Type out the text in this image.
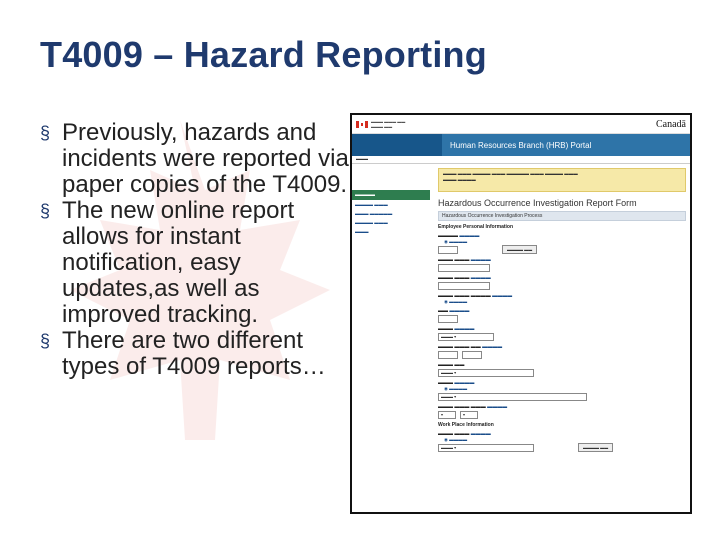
T4009 – Hazard Reporting
§ Previously, hazards and incidents were reported via paper copies of the T4009.
§ The new online report allows for instant notification, easy updates,as well as improved tracking.
§ There are two different types of T4009 reports…
▬▬▬ ▬▬▬ ▬▬
▬▬▬ ▬▬	Canadā
Human Resources Branch (HRB) Portal
▬▬▬
▬▬▬▬
▬▬▬▬ ▬▬▬
▬▬▬ ▬▬▬▬▬
▬▬▬▬ ▬▬▬
▬▬▬
▬▬▬ ▬▬▬ ▬▬▬▬ ▬▬▬ ▬▬▬▬▬ ▬▬▬ ▬▬▬▬ ▬▬▬
▬▬▬ ▬▬▬▬
Hazardous Occurrence Investigation Report Form
Hazardous Occurrence Investigation Process
Employee Personal Information
▬▬▬▬ ▬▬▬▬
◉ ▬▬▬▬
▬▬▬▬ ▬▬
▬▬▬ ▬▬▬ ▬▬▬▬
▬▬▬ ▬▬▬ ▬▬▬▬
▬▬▬ ▬▬▬ ▬▬▬▬ ▬▬▬▬
◉ ▬▬▬▬
▬▬ ▬▬▬▬
▬▬▬ ▬▬▬▬
▬▬▬ ▾
▬▬▬ ▬▬▬ ▬▬ ▬▬▬▬
▬▬▬ ▬▬
▬▬▬ ▾
▬▬▬ ▬▬▬▬
◉ ▬▬▬▬
▬▬▬ ▾
▬▬▬ ▬▬▬ ▬▬▬ ▬▬▬▬
▾	▾
Work Place Information
▬▬▬ ▬▬▬ ▬▬▬▬
◉ ▬▬▬▬
▬▬▬ ▾	▬▬▬▬ ▬▬
